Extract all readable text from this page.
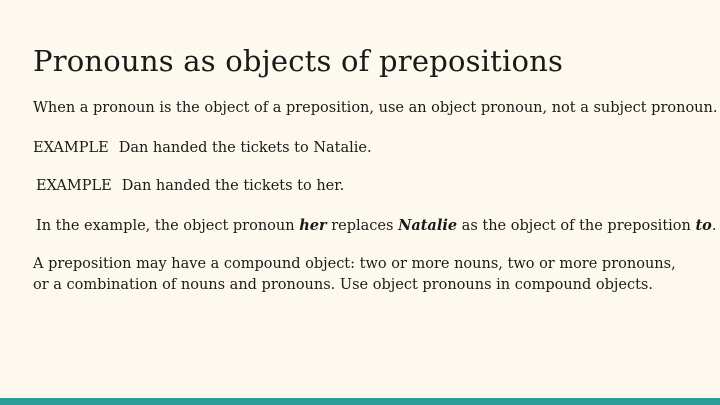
Pronouns as objects of prepositions

When a pronoun is the object of a preposition, use an object pronoun, not a subject pronoun.

EXAMPLE Dan handed the tickets to Natalie.

EXAMPLE Dan handed the tickets to her.

In the example, the object pronoun her replaces Natalie as the object of the preposition to.

A preposition may have a compound object: two or more nouns, two or more pronouns, or a combination of nouns and pronouns. Use object pronouns in compound objects.
